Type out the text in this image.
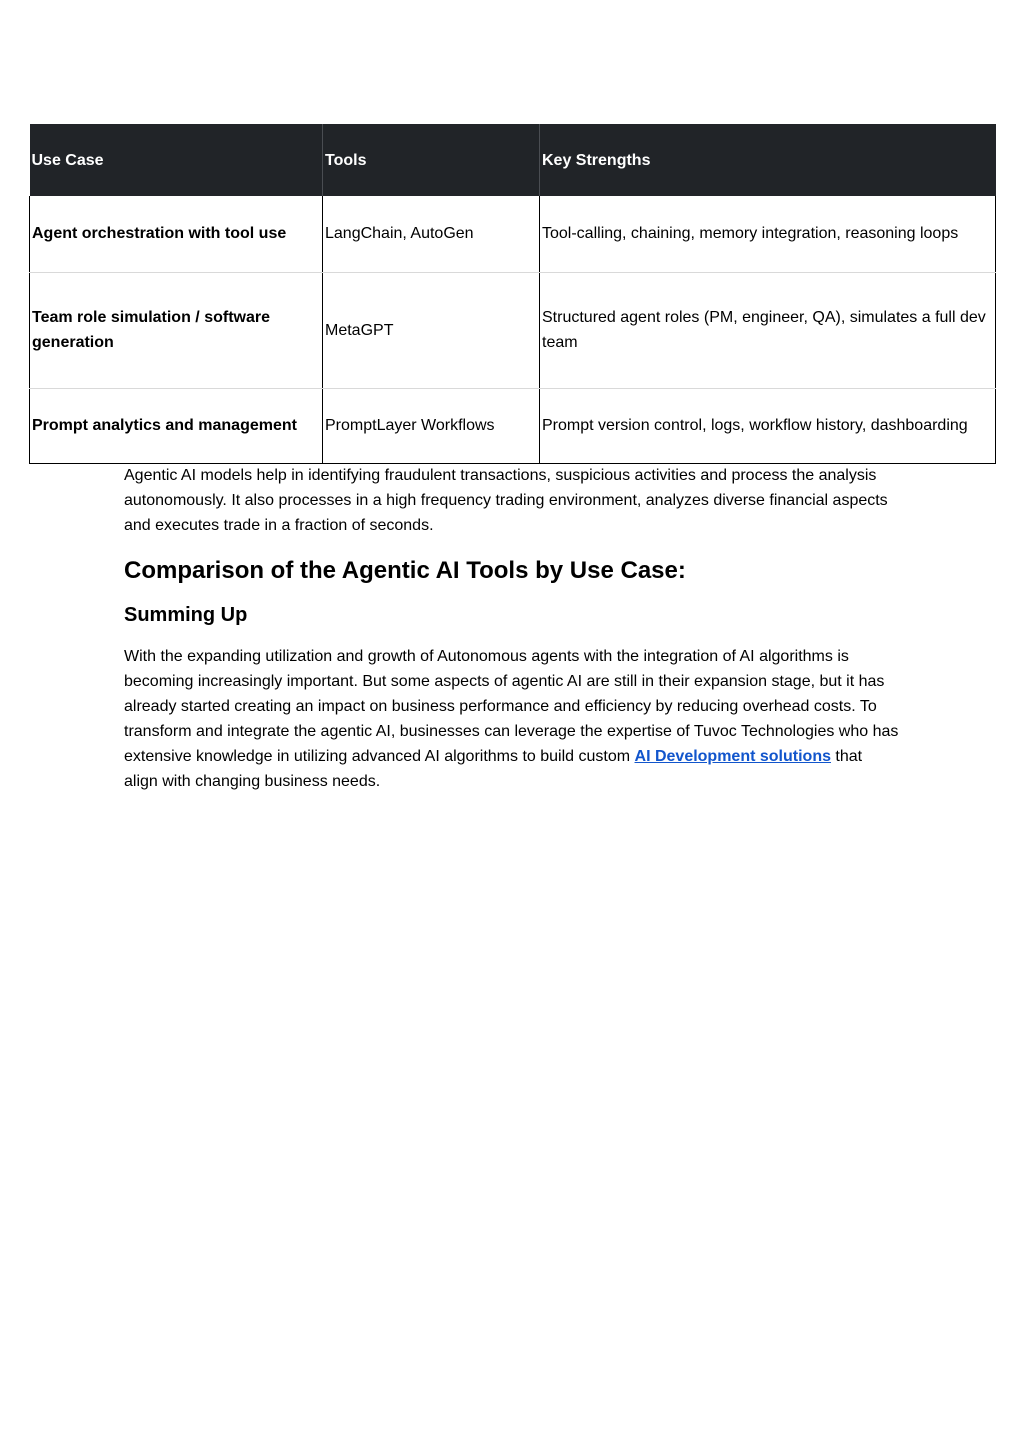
Use Case	Tools	Key Strengths
Agent orchestration with tool use	LangChain, AutoGen	Tool-calling, chaining, memory integration, reasoning loops
Team role simulation / software generation	MetaGPT	Structured agent roles (PM, engineer, QA), simulates a full dev team
Prompt analytics and management	PromptLayer Workflows	Prompt version control, logs, workflow history, dashboarding

Agentic AI models help in identifying fraudulent transactions, suspicious activities and process the analysis autonomously. It also processes in a high frequency trading environment, analyzes diverse financial aspects and executes trade in a fraction of seconds.

Comparison of the Agentic AI Tools by Use Case:
Summing Up

With the expanding utilization and growth of Autonomous agents with the integration of AI algorithms is becoming increasingly important. But some aspects of agentic AI are still in their expansion stage, but it has already started creating an impact on business performance and efficiency by reducing overhead costs. To transform and integrate the agentic AI, businesses can leverage the expertise of Tuvoc Technologies who has extensive knowledge in utilizing advanced AI algorithms to build custom AI Development solutions that align with changing business needs.
